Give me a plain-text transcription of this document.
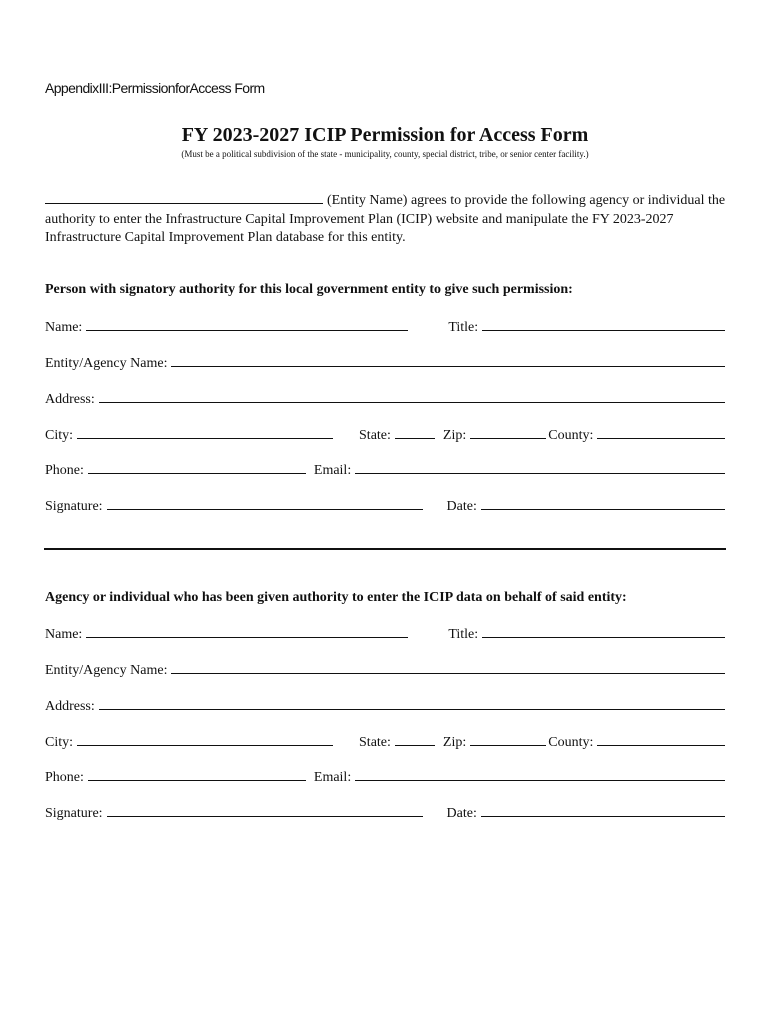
AppendixIII:PermissionforAccess Form
FY 2023-2027 ICIP Permission for Access Form
(Must be a political subdivision of the state - municipality, county, special district, tribe, or senior center facility.)
(Entity Name) agrees to provide the following agency or individual the authority to enter the Infrastructure Capital Improvement Plan (ICIP) website and manipulate the FY 2023-2027 Infrastructure Capital Improvement Plan database for this entity.
Person with signatory authority for this local government entity to give such permission:
Name:	Title:
Entity/Agency Name:
Address:
City:	State:	Zip:	County:
Phone:	Email:
Signature:	Date:
Agency or individual who has been given authority to enter the ICIP data on behalf of said entity:
Name:	Title:
Entity/Agency Name:
Address:
City:	State:	Zip:	County:
Phone:	Email:
Signature:	Date:
